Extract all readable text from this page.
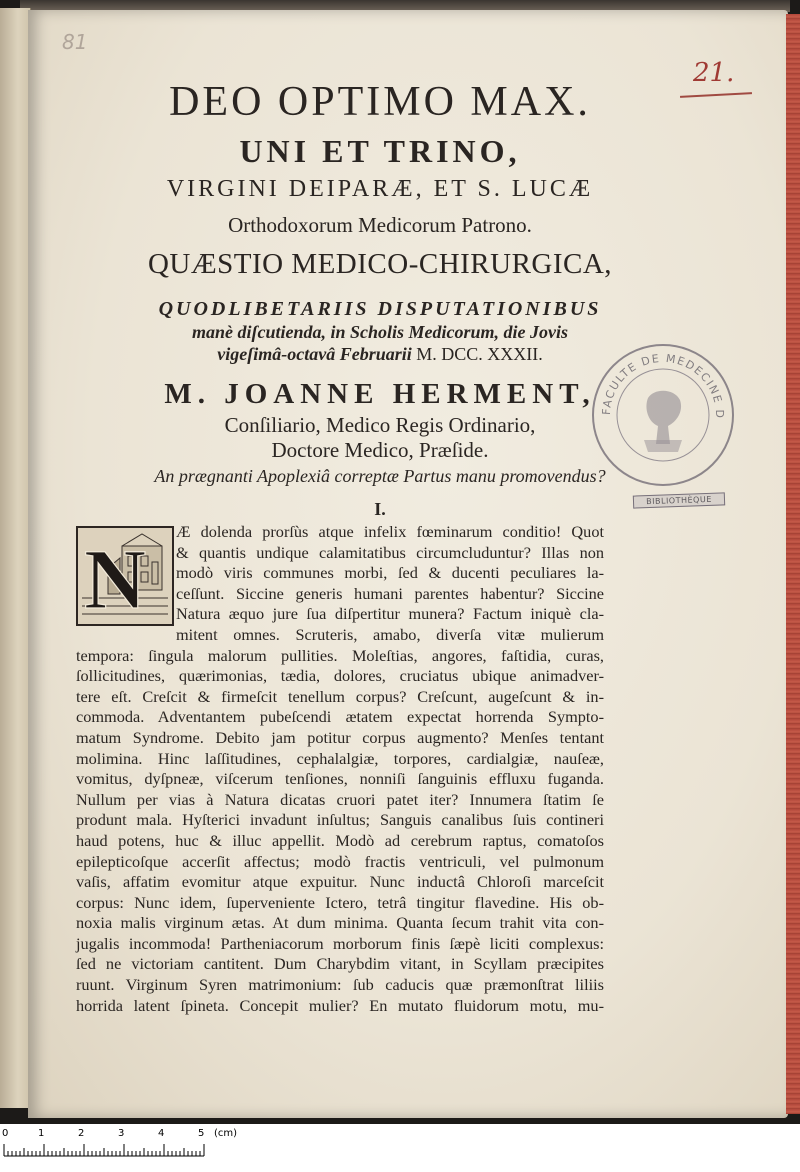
81
21.
DEO OPTIMO MAX.
UNI ET TRINO,
VIRGINI DEIPARÆ, ET S. LUCÆ
Orthodoxorum Medicorum Patrono.
QUÆSTIO MEDICO-CHIRURGICA,
QUODLIBETARIIS DISPUTATIONIBUS
manè diſcutienda, in Scholis Medicorum, die Jovis
vigeſimâ-octavâ Februarii M. DCC. XXXII.
M. JOANNE HERMENT,
Conſiliario, Medico Regis Ordinario,
Doctore Medico, Præſide.
An prægnanti Apoplexiâ correptæ Partus manu promovendus?
I.
FACULTE DE MEDECINE D
BIBLIOTHÈQUE
N Æ dolenda prorſùs atque infelix fœminarum conditio! Quot
& quantis undique calamitatibus circumcluduntur? Illas non
modò viris communes morbi, ſed & ducenti peculiares la-
ceſſunt. Siccine generis humani parentes habentur? Siccine
Natura æquo jure ſua diſpertitur munera? Factum iniquè cla-
mitent omnes. Scruteris, amabo, diverſa vitæ mulierum
tempora: ſingula malorum pullities. Moleſtias, angores, faſtidia, curas,
ſollicitudines, quærimonias, tædia, dolores, cruciatus ubique animadver-
tere eſt. Creſcit & firmeſcit tenellum corpus? Creſcunt, augeſcunt & in-
commoda. Adventantem pubeſcendi ætatem expectat horrenda Sympto-
matum Syndrome. Debito jam potitur corpus augmento? Menſes tentant
molimina. Hinc laſſitudines, cephalalgiæ, torpores, cardialgiæ, nauſeæ,
vomitus, dyſpneæ, viſcerum tenſiones, nonniſi ſanguinis effluxu fuganda.
Nullum per vias à Natura dicatas cruori patet iter? Innumera ſtatim ſe
produnt mala. Hyſterici invadunt inſultus; Sanguis canalibus ſuis contineri
haud potens, huc & illuc appellit. Modò ad cerebrum raptus, comatoſos
epilepticoſque accerſit affectus; modò fractis ventriculi, vel pulmonum
vaſis, affatim evomitur atque expuitur. Nunc inductâ Chloroſi marceſcit
corpus: Nunc idem, ſuperveniente Ictero, tetrâ tingitur flavedine. His ob-
noxia malis virginum ætas. At dum minima. Quanta ſecum trahit vita con-
jugalis incommoda! Partheniacorum morborum finis ſæpè liciti complexus:
ſed ne victoriam cantitent. Dum Charybdim vitant, in Scyllam præcipites
ruunt. Virginum Syren matrimonium: ſub caducis quæ præmonſtrat liliis
horrida latent ſpineta. Concepit mulier? En mutato fluidorum motu, mu-
0	1	2	3	4	5 (cm)
